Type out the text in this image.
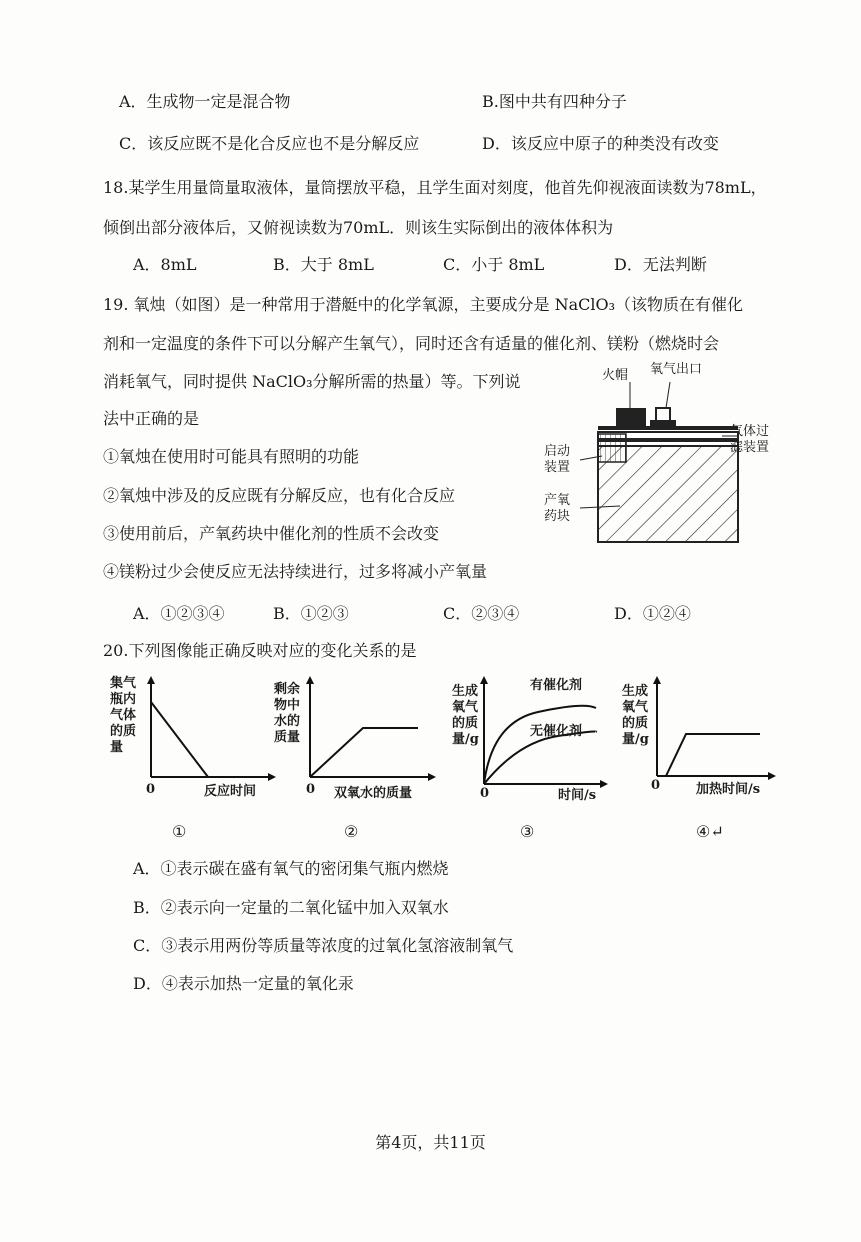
A．生成物一定是混合物	B.图中共有四种分子
C．该反应既不是化合反应也不是分解反应	D．该反应中原子的种类没有改变
18.某学生用量筒量取液体，量筒摆放平稳，且学生面对刻度，他首先仰视液面读数为78mL，
倾倒出部分液体后，又俯视读数为70mL．则该生实际倒出的液体体积为
A．8mL	B．大于 8mL	C．小于 8mL	D．无法判断
19. 氧烛（如图）是一种常用于潜艇中的化学氧源，主要成分是 NaClO₃（该物质在有催化
剂和一定温度的条件下可以分解产生氧气），同时还含有适量的催化剂、镁粉（燃烧时会
消耗氧气，同时提供 NaClO₃分解所需的热量）等。下列说
法中正确的是
①氧烛在使用时可能具有照明的功能
②氧烛中涉及的反应既有分解反应，也有化合反应
③使用前后，产氧药块中催化剂的性质不会改变
④镁粉过少会使反应无法持续进行，过多将减小产氧量
A．①②③④	B．①②③	C．②③④	D．①②④
火帽 氧气出口
气体过
滤装置
启动
装置
产氧
药块
20.下列图像能正确反映对应的变化关系的是
集气
瓶内
气体
的质
量
0	反应时间
①
剩余
物中
水的
质量
0 双氧水的质量
②
生成
氧气
的质
量/g
有催化剂
无催化剂
0	时间/s
③
生成
氧气
的质
量/g
0	加热时间/s
④↵
A．①表示碳在盛有氧气的密闭集气瓶内燃烧
B．②表示向一定量的二氧化锰中加入双氧水
C．③表示用两份等质量等浓度的过氧化氢溶液制氧气
D．④表示加热一定量的氧化汞
第4页，共11页
